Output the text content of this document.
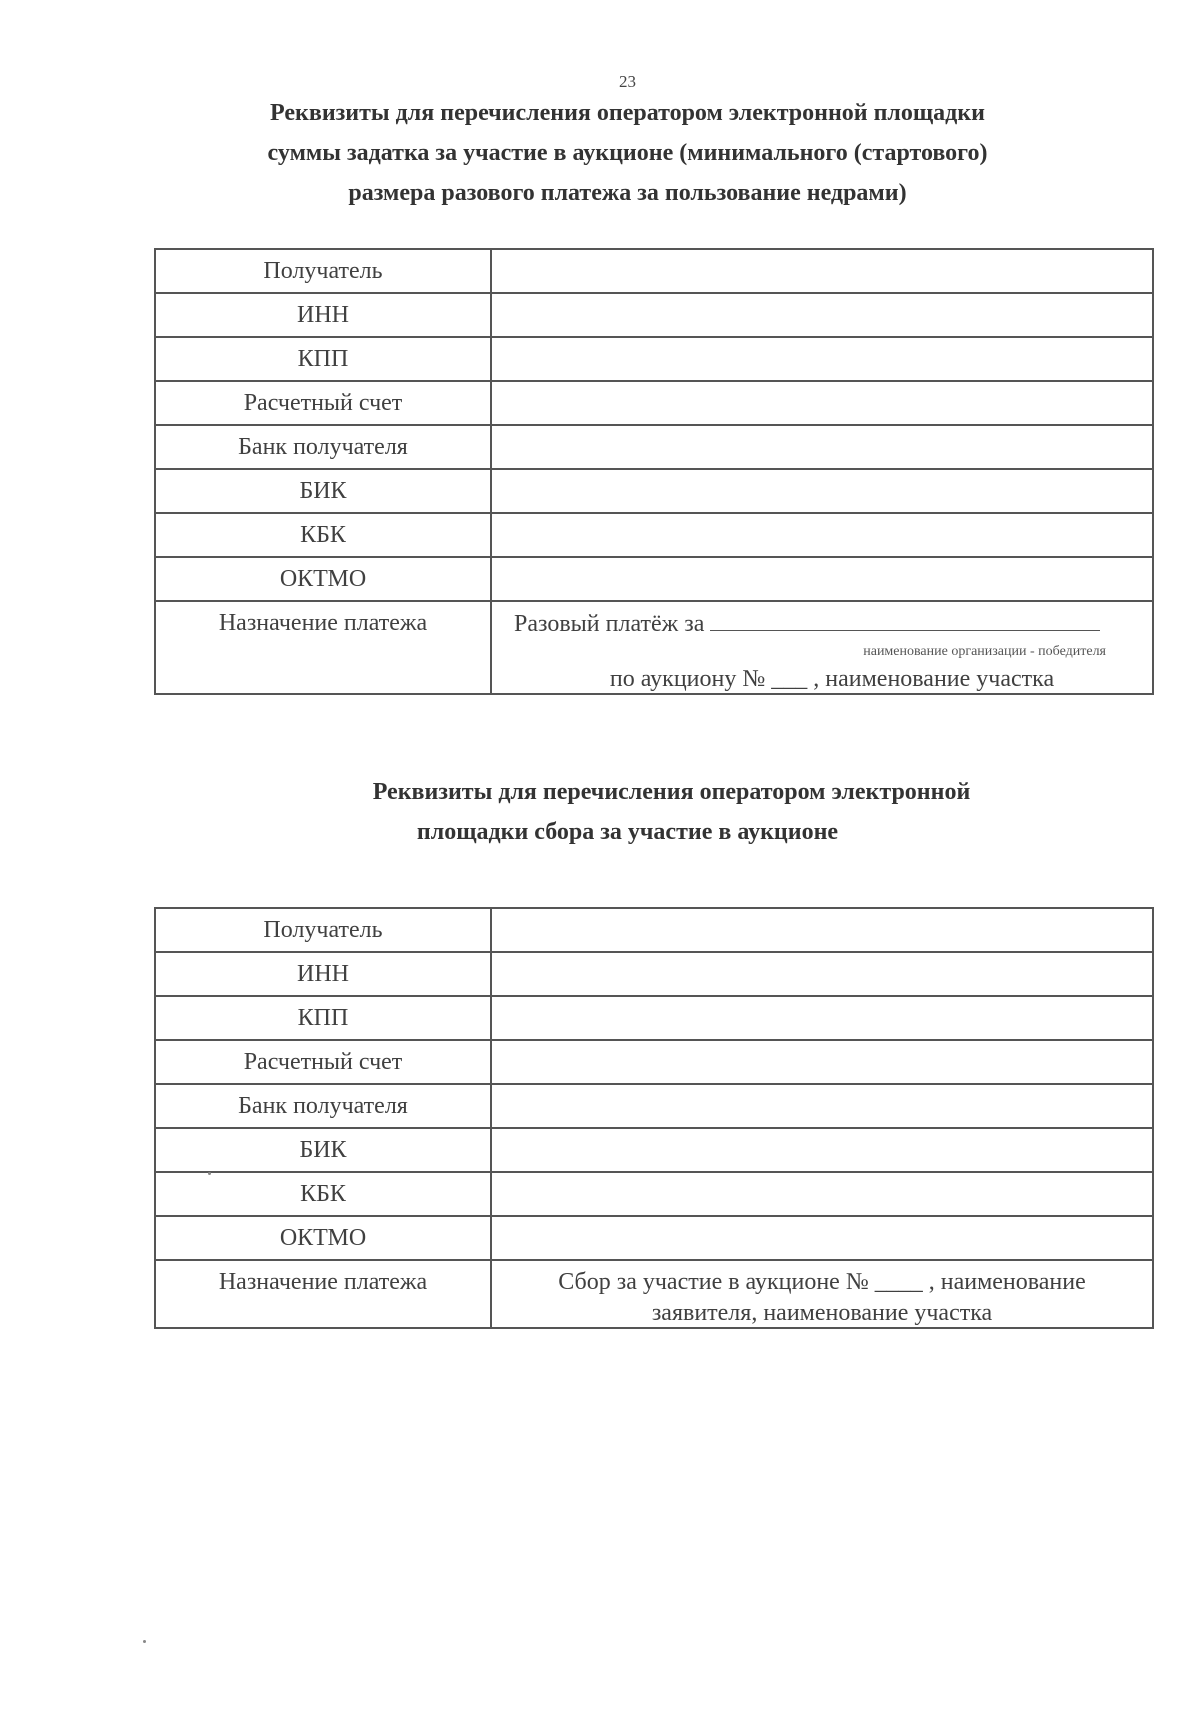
23
Реквизиты для перечисления оператором электронной площадки
суммы задатка за участие в аукционе (минимального (стартового)
размера разового платежа за пользование недрами)
Получатель	
ИНН	
КПП	
Расчетный счет	
Банк получателя	
БИК	
КБК	
ОКТМО	
Назначение платежа	Разовый платёж за
наименование организации - победителя
по аукциону № ___ , наименование участка
Реквизиты для перечисления оператором электронной
площадки сбора за участие в аукционе
Получатель	
ИНН	
КПП	
Расчетный счет	
Банк получателя	
БИК	
КБК	
ОКТМО	
Назначение платежа	Сбор за участие в аукционе № ____ , наименование
заявителя, наименование участка
